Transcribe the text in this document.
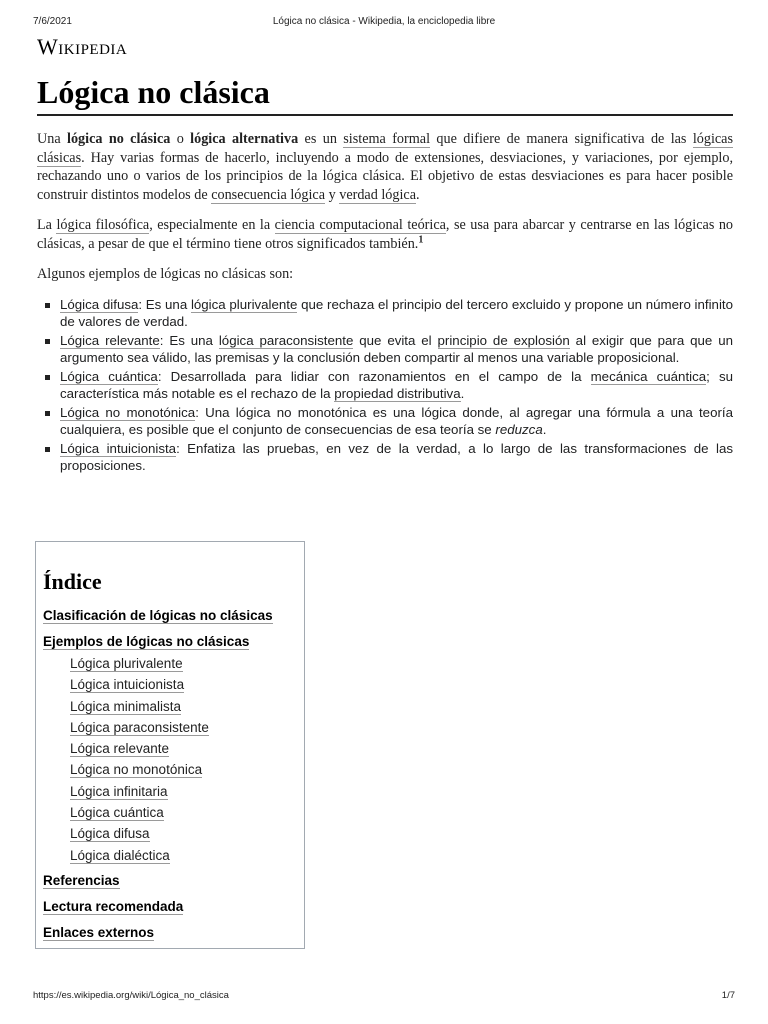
7/6/2021	Lógica no clásica - Wikipedia, la enciclopedia libre
Wikipedia
Lógica no clásica

Una lógica no clásica o lógica alternativa es un sistema formal que difiere de manera significativa de las lógicas clásicas. Hay varias formas de hacerlo, incluyendo a modo de extensiones, desviaciones, y variaciones, por ejemplo, rechazando uno o varios de los principios de la lógica clásica. El objetivo de estas desviaciones es para hacer posible construir distintos modelos de consecuencia lógica y verdad lógica.

La lógica filosófica, especialmente en la ciencia computacional teórica, se usa para abarcar y centrarse en las lógicas no clásicas, a pesar de que el término tiene otros significados también.$^1$

Algunos ejemplos de lógicas no clásicas son:

Lógica difusa: Es una lógica plurivalente que rechaza el principio del tercero excluido y propone un número infinito de valores de verdad.
Lógica relevante: Es una lógica paraconsistente que evita el principio de explosión al exigir que para que un argumento sea válido, las premisas y la conclusión deben compartir al menos una variable proposicional.
Lógica cuántica: Desarrollada para lidiar con razonamientos en el campo de la mecánica cuántica; su característica más notable es el rechazo de la propiedad distributiva.
Lógica no monotónica: Una lógica no monotónica es una lógica donde, al agregar una fórmula a una teoría cualquiera, es posible que el conjunto de consecuencias de esa teoría se reduzca.
Lógica intuicionista: Enfatiza las pruebas, en vez de la verdad, a lo largo de las transformaciones de las proposiciones.
Índice
Clasificación de lógicas no clásicas
Ejemplos de lógicas no clásicas
Lógica plurivalente
Lógica intuicionista
Lógica minimalista
Lógica paraconsistente
Lógica relevante
Lógica no monotónica
Lógica infinitaria
Lógica cuántica
Lógica difusa
Lógica dialéctica
Referencias
Lectura recomendada
Enlaces externos
https://es.wikipedia.org/wiki/Lógica_no_clásica	1/7
